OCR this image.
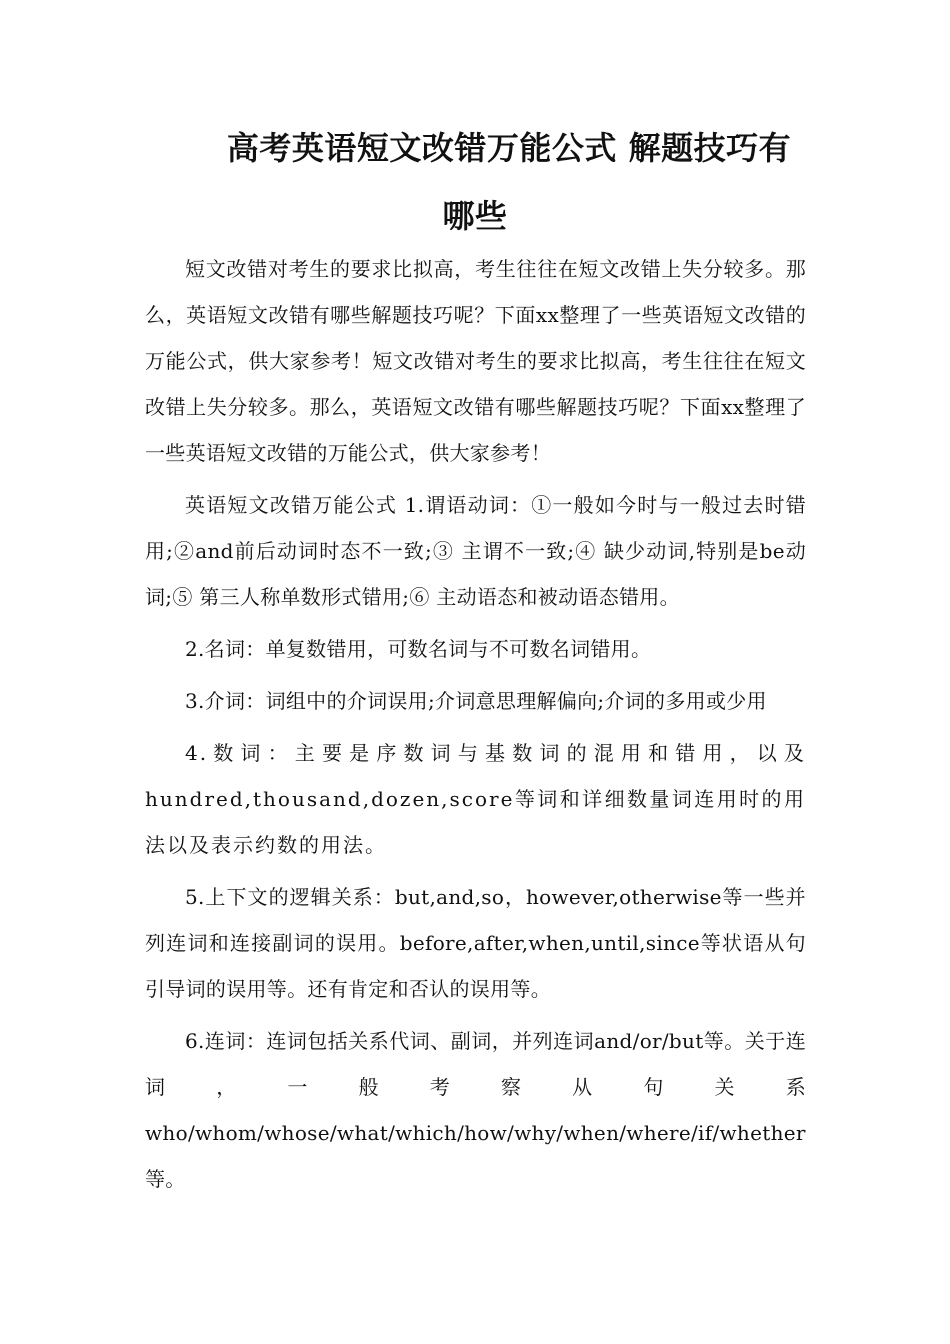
高考英语短文改错万能公式 解题技巧有
哪些

短文改错对考生的要求比拟高，考生往往在短文改错上失分较多。那么，英语短文改错有哪些解题技巧呢？下面xx整理了一些英语短文改错的万能公式，供大家参考！短文改错对考生的要求比拟高，考生往往在短文改错上失分较多。那么，英语短文改错有哪些解题技巧呢？下面xx整理了一些英语短文改错的万能公式，供大家参考！

英语短文改错万能公式 1.谓语动词：①一般如今时与一般过去时错用;②and前后动词时态不一致;③ 主谓不一致;④ 缺少动词,特别是be动词;⑤ 第三人称单数形式错用;⑥ 主动语态和被动语态错用。

2.名词：单复数错用，可数名词与不可数名词错用。

3.介词：词组中的介词误用;介词意思理解偏向;介词的多用或少用

4.数词：主要是序数词与基数词的混用和错用，以及hundred,thousand,dozen,score等词和详细数量词连用时的用法以及表示约数的用法。

5.上下文的逻辑关系：but,and,so，however,otherwise等一些并列连词和连接副词的误用。before,after,when,until,since等状语从句引导词的误用等。还有肯定和否认的误用等。

6.连词：连词包括关系代词、副词，并列连词and/or/but等。关于连词，一般考察从句关系who/whom/whose/what/which/how/why/when/where/if/whether等。
